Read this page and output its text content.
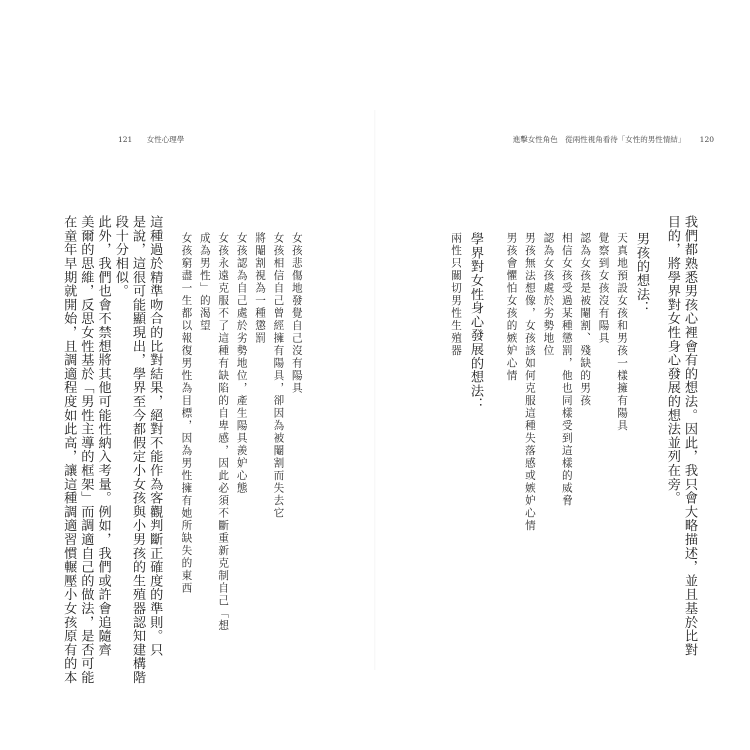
121 女性心理學	進擊女性角色　從兩性視角看待「女性的男性情結」 120
我們都熟悉男孩心裡會有的想法。因此，我只會大略描述，並且基於比對
目的，將學界對女性身心發展的想法並列在旁。
男孩的想法：
天真地預設女孩和男孩一樣擁有陽具
覺察到女孩沒有陽具
認為女孩是被閹割、殘缺的男孩
相信女孩受過某種懲罰，他也同樣受到這樣的威脅
認為女孩處於劣勢地位
男孩無法想像，女孩該如何克服這種失落感或嫉妒心情
男孩會懼怕女孩的嫉妒心情
學界對女性身心發展的想法：
兩性只關切男性生殖器
女孩悲傷地發覺自己沒有陽具
女孩相信自己曾經擁有陽具，卻因為被閹割而失去它
將閹割視為一種懲罰
女孩認為自己處於劣勢地位，產生陽具羨妒心態
女孩永遠克服不了這種有缺陷的自卑感，因此必須不斷重新克制自己「想
成為男性」的渴望
女孩窮盡一生都以報復男性為目標，因為男性擁有她所缺失的東西
這種過於精準吻合的比對結果，絕對不能作為客觀判斷正確度的準則。只
是說，這很可能顯現出，學界至今都假定小女孩與小男孩的生殖器認知建構階
段十分相似。
此外，我們也會不禁想將其他可能性納入考量。例如，我們或許會追隨齊
美爾的思維，反思女性基於「男性主導的框架」而調適自己的做法，是否可能
在童年早期就開始，且調適程度如此高，讓這種調適習慣輾壓小女孩原有的本
